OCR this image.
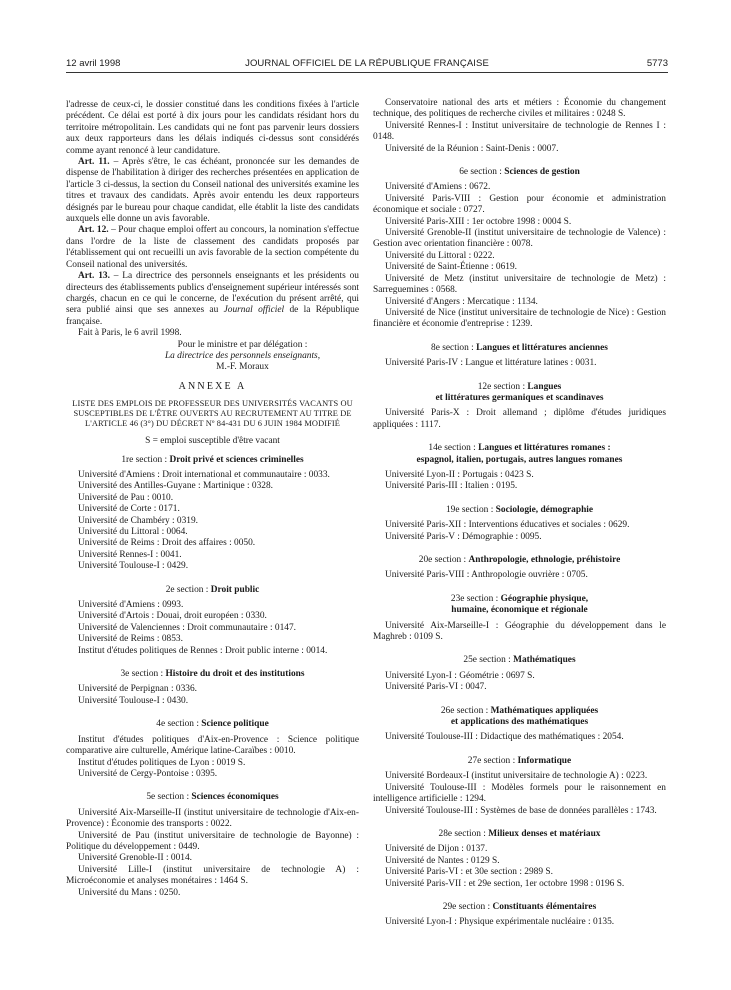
12 avril 1998	JOURNAL OFFICIEL DE LA RÉPUBLIQUE FRANÇAISE	5773

l'adresse de ceux-ci, le dossier constitué dans les conditions fixées à l'article précédent. Ce délai est porté à dix jours pour les candidats résidant hors du territoire métropolitain. Les candidats qui ne font pas parvenir leurs dossiers aux deux rapporteurs dans les délais indiqués ci-dessus sont considérés comme ayant renoncé à leur candidature.

Art. 11. – Après s'être, le cas échéant, prononcée sur les demandes de dispense de l'habilitation à diriger des recherches présentées en application de l'article 3 ci-dessus, la section du Conseil national des universités examine les titres et travaux des candidats. Après avoir entendu les deux rapporteurs désignés par le bureau pour chaque candidat, elle établit la liste des candidats auxquels elle donne un avis favorable.

Art. 12. – Pour chaque emploi offert au concours, la nomination s'effectue dans l'ordre de la liste de classement des candidats proposés par l'établissement qui ont recueilli un avis favorable de la section compétente du Conseil national des universités.

Art. 13. – La directrice des personnels enseignants et les présidents ou directeurs des établissements publics d'enseignement supérieur intéressés sont chargés, chacun en ce qui le concerne, de l'exécution du présent arrêté, qui sera publié ainsi que ses annexes au Journal officiel de la République française.

Fait à Paris, le 6 avril 1998.

Pour le ministre et par délégation :

La directrice des personnels enseignants,

M.-F. Moraux

ANNEXE A

LISTE DES EMPLOIS DE PROFESSEUR DES UNIVERSITÉS VACANTS OU SUSCEPTIBLES DE L'ÊTRE OUVERTS AU RECRUTEMENT AU TITRE DE L'ARTICLE 46 (3°) DU DÉCRET Nº 84-431 DU 6 JUIN 1984 MODIFIÉ

S = emploi susceptible d'être vacant

1re section : Droit privé et sciences criminelles

Université d'Amiens : Droit international et communautaire : 0033.

Université des Antilles-Guyane : Martinique : 0328.

Université de Pau : 0010.

Université de Corte : 0171.

Université de Chambéry : 0319.

Université du Littoral : 0064.

Université de Reims : Droit des affaires : 0050.

Université Rennes-I : 0041.

Université Toulouse-I : 0429.

2e section : Droit public

Université d'Amiens : 0993.

Université d'Artois : Douai, droit européen : 0330.

Université de Valenciennes : Droit communautaire : 0147.

Université de Reims : 0853.

Institut d'études politiques de Rennes : Droit public interne : 0014.

3e section : Histoire du droit et des institutions

Université de Perpignan : 0336.

Université Toulouse-I : 0430.

4e section : Science politique

Institut d'études politiques d'Aix-en-Provence : Science politique comparative aire culturelle, Amérique latine-Caraïbes : 0010.

Institut d'études politiques de Lyon : 0019 S.

Université de Cergy-Pontoise : 0395.

5e section : Sciences économiques

Université Aix-Marseille-II (institut universitaire de technologie d'Aix-en-Provence) : Économie des transports : 0022.

Université de Pau (institut universitaire de technologie de Bayonne) : Politique du développement : 0449.

Université Grenoble-II : 0014.

Université Lille-I (institut universitaire de technologie A) : Microéconomie et analyses monétaires : 1464 S.

Université du Mans : 0250.

Conservatoire national des arts et métiers : Économie du changement technique, des politiques de recherche civiles et militaires : 0248 S.

Université Rennes-I : Institut universitaire de technologie de Rennes I : 0148.

Université de la Réunion : Saint-Denis : 0007.

6e section : Sciences de gestion

Université d'Amiens : 0672.

Université Paris-VIII : Gestion pour économie et administration économique et sociale : 0727.

Université Paris-XIII : 1er octobre 1998 : 0004 S.

Université Grenoble-II (institut universitaire de technologie de Valence) : Gestion avec orientation financière : 0078.

Université du Littoral : 0222.

Université de Saint-Étienne : 0619.

Université de Metz (institut universitaire de technologie de Metz) : Sarreguemines : 0568.

Université d'Angers : Mercatique : 1134.

Université de Nice (institut universitaire de technologie de Nice) : Gestion financière et économie d'entreprise : 1239.

8e section : Langues et littératures anciennes

Université Paris-IV : Langue et littérature latines : 0031.

12e section : Langues

et littératures germaniques et scandinaves

Université Paris-X : Droit allemand ; diplôme d'études juridiques appliquées : 1117.

14e section : Langues et littératures romanes :

espagnol, italien, portugais, autres langues romanes

Université Lyon-II : Portugais : 0423 S.

Université Paris-III : Italien : 0195.

19e section : Sociologie, démographie

Université Paris-XII : Interventions éducatives et sociales : 0629.

Université Paris-V : Démographie : 0095.

20e section : Anthropologie, ethnologie, préhistoire

Université Paris-VIII : Anthropologie ouvrière : 0705.

23e section : Géographie physique,

humaine, économique et régionale

Université Aix-Marseille-I : Géographie du développement dans le Maghreb : 0109 S.

25e section : Mathématiques

Université Lyon-I : Géométrie : 0697 S.

Université Paris-VI : 0047.

26e section : Mathématiques appliquées

et applications des mathématiques

Université Toulouse-III : Didactique des mathématiques : 2054.

27e section : Informatique

Université Bordeaux-I (institut universitaire de technologie A) : 0223.

Université Toulouse-III : Modèles formels pour le raisonnement en intelligence artificielle : 1294.

Université Toulouse-III : Systèmes de base de données parallèles : 1743.

28e section : Milieux denses et matériaux

Université de Dijon : 0137.

Université de Nantes : 0129 S.

Université Paris-VI : et 30e section : 2989 S.

Université Paris-VII : et 29e section, 1er octobre 1998 : 0196 S.

29e section : Constituants élémentaires

Université Lyon-I : Physique expérimentale nucléaire : 0135.
